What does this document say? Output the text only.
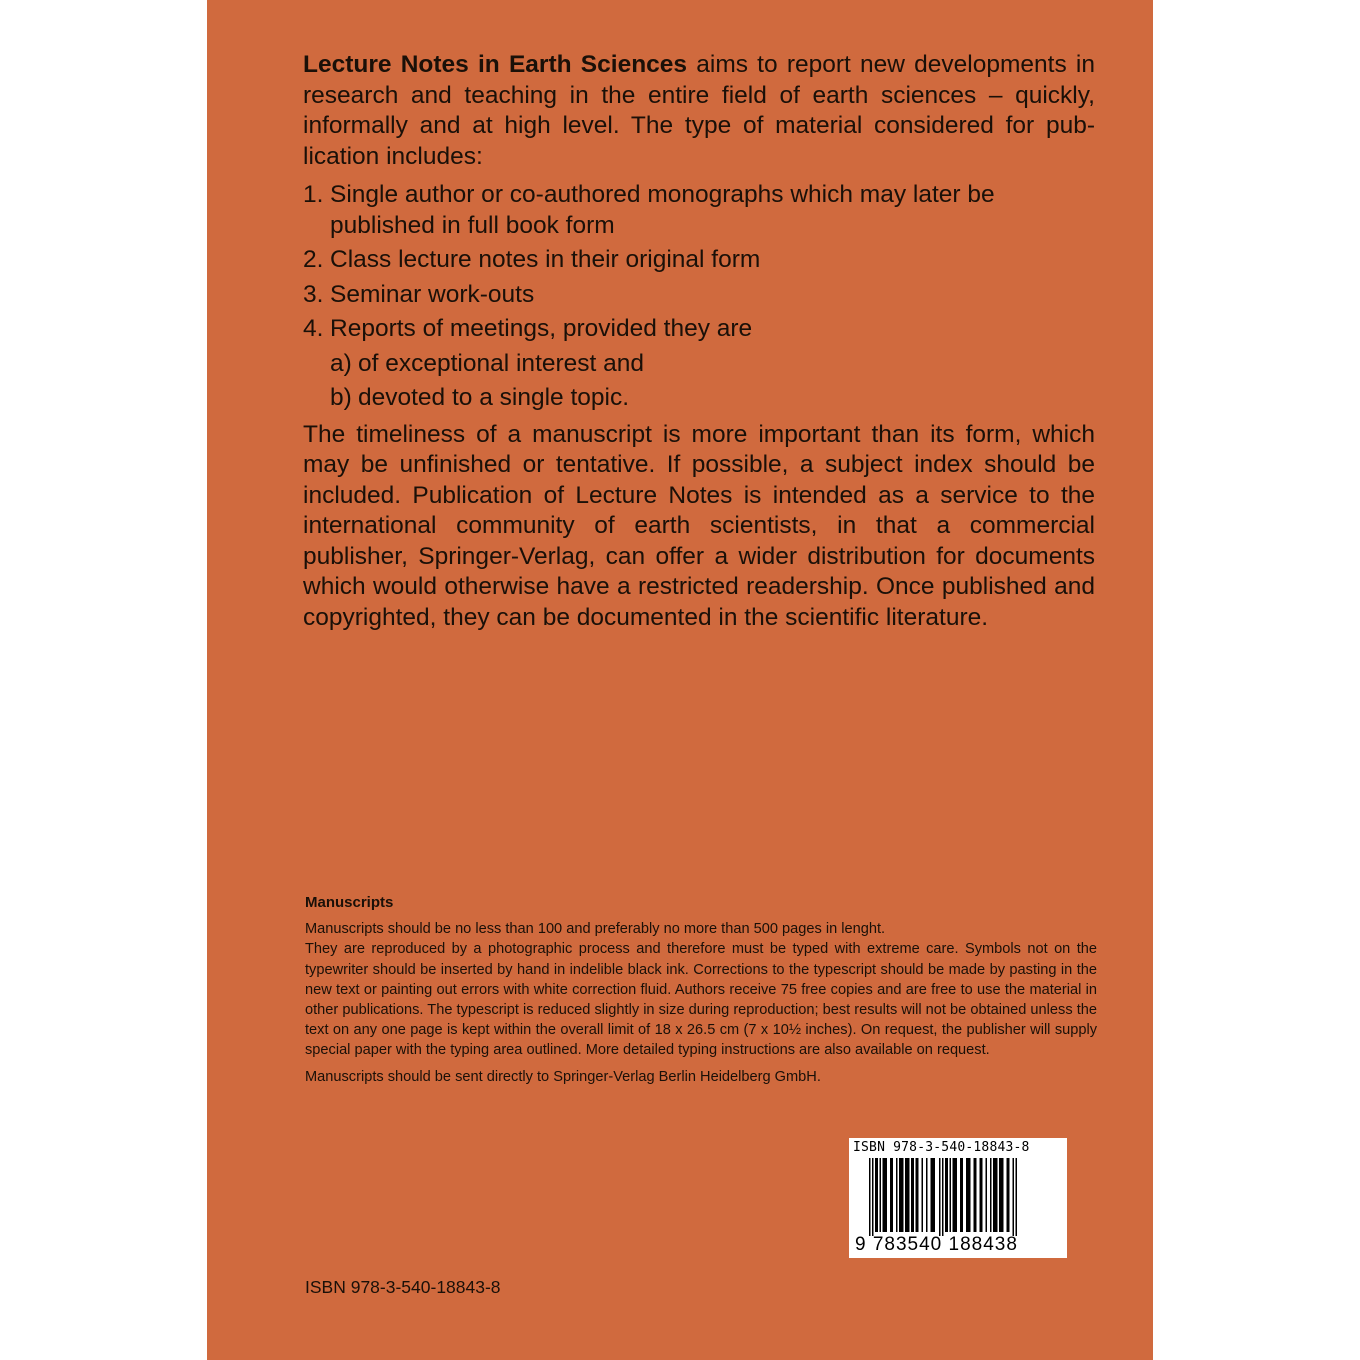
Lecture Notes in Earth Sciences aims to report new developments in research and teaching in the entire field of earth sciences – quickly, informally and at high level. The type of material considered for publication includes:

1. Single author or co-authored monographs which may later be published in full book form
2. Class lecture notes in their original form
3. Seminar work-outs
4. Reports of meetings, provided they are
a) of exceptional interest and
b) devoted to a single topic.

The timeliness of a manuscript is more important than its form, which may be unfinished or tentative. If possible, a subject index should be included. Publication of Lecture Notes is intended as a service to the international community of earth scientists, in that a commercial publisher, Springer-Verlag, can offer a wider distribution for documents which would otherwise have a restricted readership. Once published and copyrighted, they can be documented in the scientific literature.

Manuscripts

Manuscripts should be no less than 100 and preferably no more than 500 pages in lenght.

They are reproduced by a photographic process and therefore must be typed with extreme care. Symbols not on the typewriter should be inserted by hand in indelible black ink. Corrections to the typescript should be made by pasting in the new text or painting out errors with white correction fluid. Authors receive 75 free copies and are free to use the material in other publications. The typescript is reduced slightly in size during reproduction; best results will not be obtained unless the text on any one page is kept within the overall limit of 18 x 26.5 cm (7 x 10½ inches). On request, the publisher will supply special paper with the typing area outlined. More detailed typing instructions are also available on request.

Manuscripts should be sent directly to Springer-Verlag Berlin Heidelberg GmbH.

ISBN 978-3-540-18843-8
9 783540 188438
ISBN 978-3-540-18843-8
